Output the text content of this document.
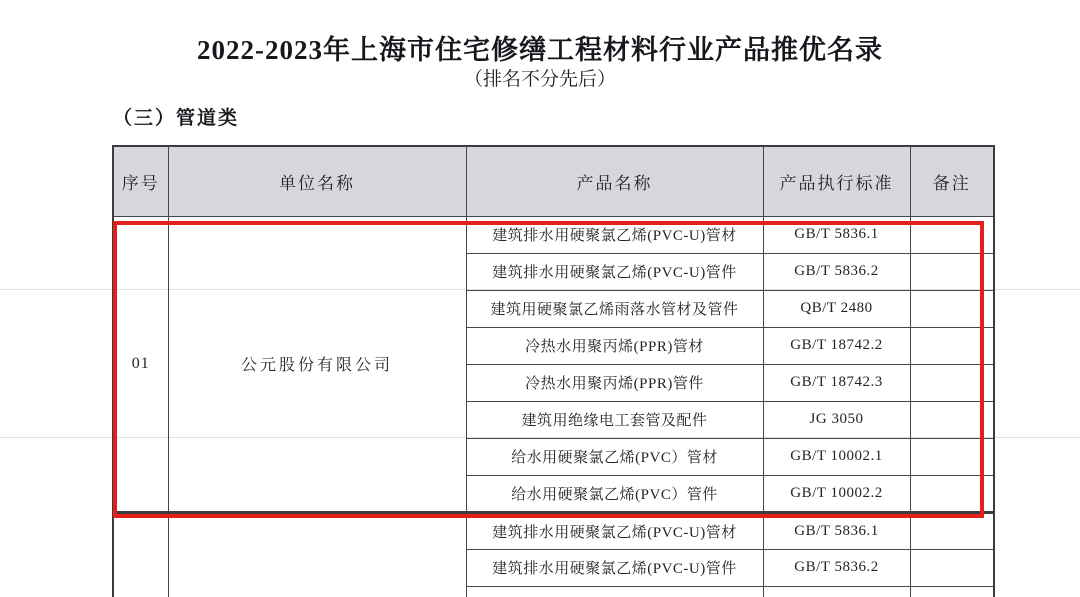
2022-2023年上海市住宅修缮工程材料行业产品推优名录
（排名不分先后）
（三）管道类
序号	单位名称	产品名称	产品执行标准	备注
01	公元股份有限公司	建筑排水用硬聚氯乙烯(PVC-U)管材	GB/T 5836.1	
		建筑排水用硬聚氯乙烯(PVC-U)管件	GB/T 5836.2	
		建筑用硬聚氯乙烯雨落水管材及管件	QB/T 2480	
		冷热水用聚丙烯(PPR)管材	GB/T 18742.2	
		冷热水用聚丙烯(PPR)管件	GB/T 18742.3	
		建筑用绝缘电工套管及配件	JG 3050	
		给水用硬聚氯乙烯(PVC）管材	GB/T 10002.1	
		给水用硬聚氯乙烯(PVC）管件	GB/T 10002.2	
		建筑排水用硬聚氯乙烯(PVC-U)管材	GB/T 5836.1	
		建筑排水用硬聚氯乙烯(PVC-U)管件	GB/T 5836.2	
